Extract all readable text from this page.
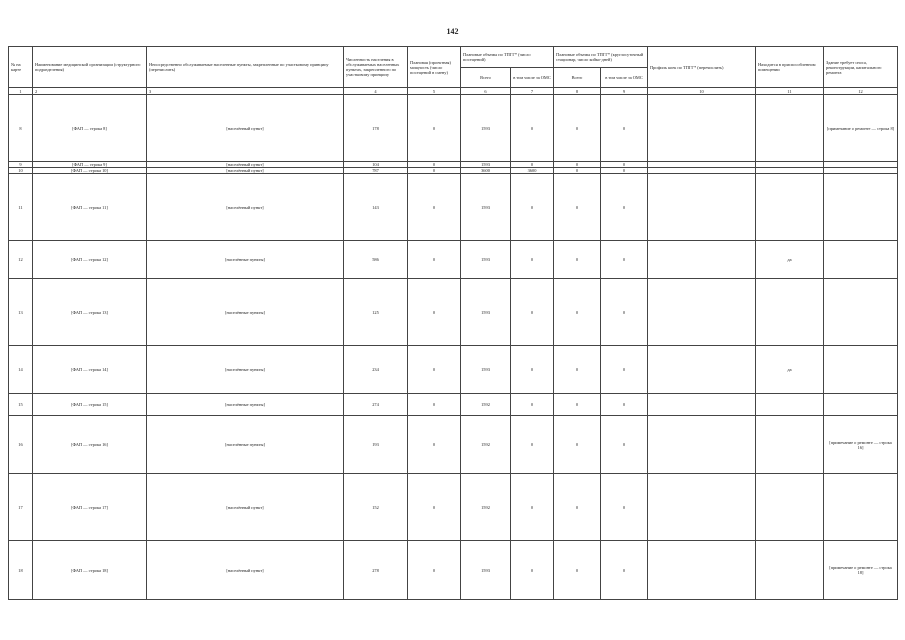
142
№ на карте	Наименование медицинской организации (структурного подразделения)	Непосредственно обслуживаемые населенные пункты, закрепленные по участковому принципу (перечислить)	Численность населения в обслуживаемых населенных пунктах, закрепленного по участковому принципу	Плановая (проектная) мощность (число посещений в смену)	Плановые объемы по ТПГГ* (число посещений)		Плановые объемы по ТПГГ* (круглосуточный стационар, число койко-дней)		Профиль коек по ТПГГ* (перечислить)	Находится в приспособленном помещении	Здание требует сноса, реконструкции, капитального ремонта
					Всего	в том числе за ОМС	Всего	в том числе за ОМС			
1	2	3	4	5	6	7	8	9	10	11	12
8	[ФАП — строка 8]	[населённый пункт]	178	0	1593	0	0	0			[примечание о ремонте — строка 8]
9	[ФАП — строка 9]	[населённый пункт]	104	0	1593	0	0	0			
10	[ФАП — строка 10]	[населённый пункт]	787	0	3600	3600	0	0			
11	[ФАП — строка 11]	[населённый пункт]	143	0	1593	0	0	0			
12	[ФАП — строка 12]	[населённые пункты]	586	0	1593	0	0	0		да	
13	[ФАП — строка 13]	[населённые пункты]	125	0	1593	0	0	0			
14	[ФАП — строка 14]	[населённые пункты]	234	0	1593	0	0	0		да	
15	[ФАП — строка 15]	[населённые пункты]	274	0	1592	0	0	0			
16	[ФАП — строка 16]	[населённые пункты]	193	0	1592	0	0	0			[примечание о ремонте — строка 16]
17	[ФАП — строка 17]	[населённый пункт]	152	0	1592	0	0	0			
18	[ФАП — строка 18]	[населённый пункт]	278	0	1593	0	0	0			[примечание о ремонте — строка 18]
